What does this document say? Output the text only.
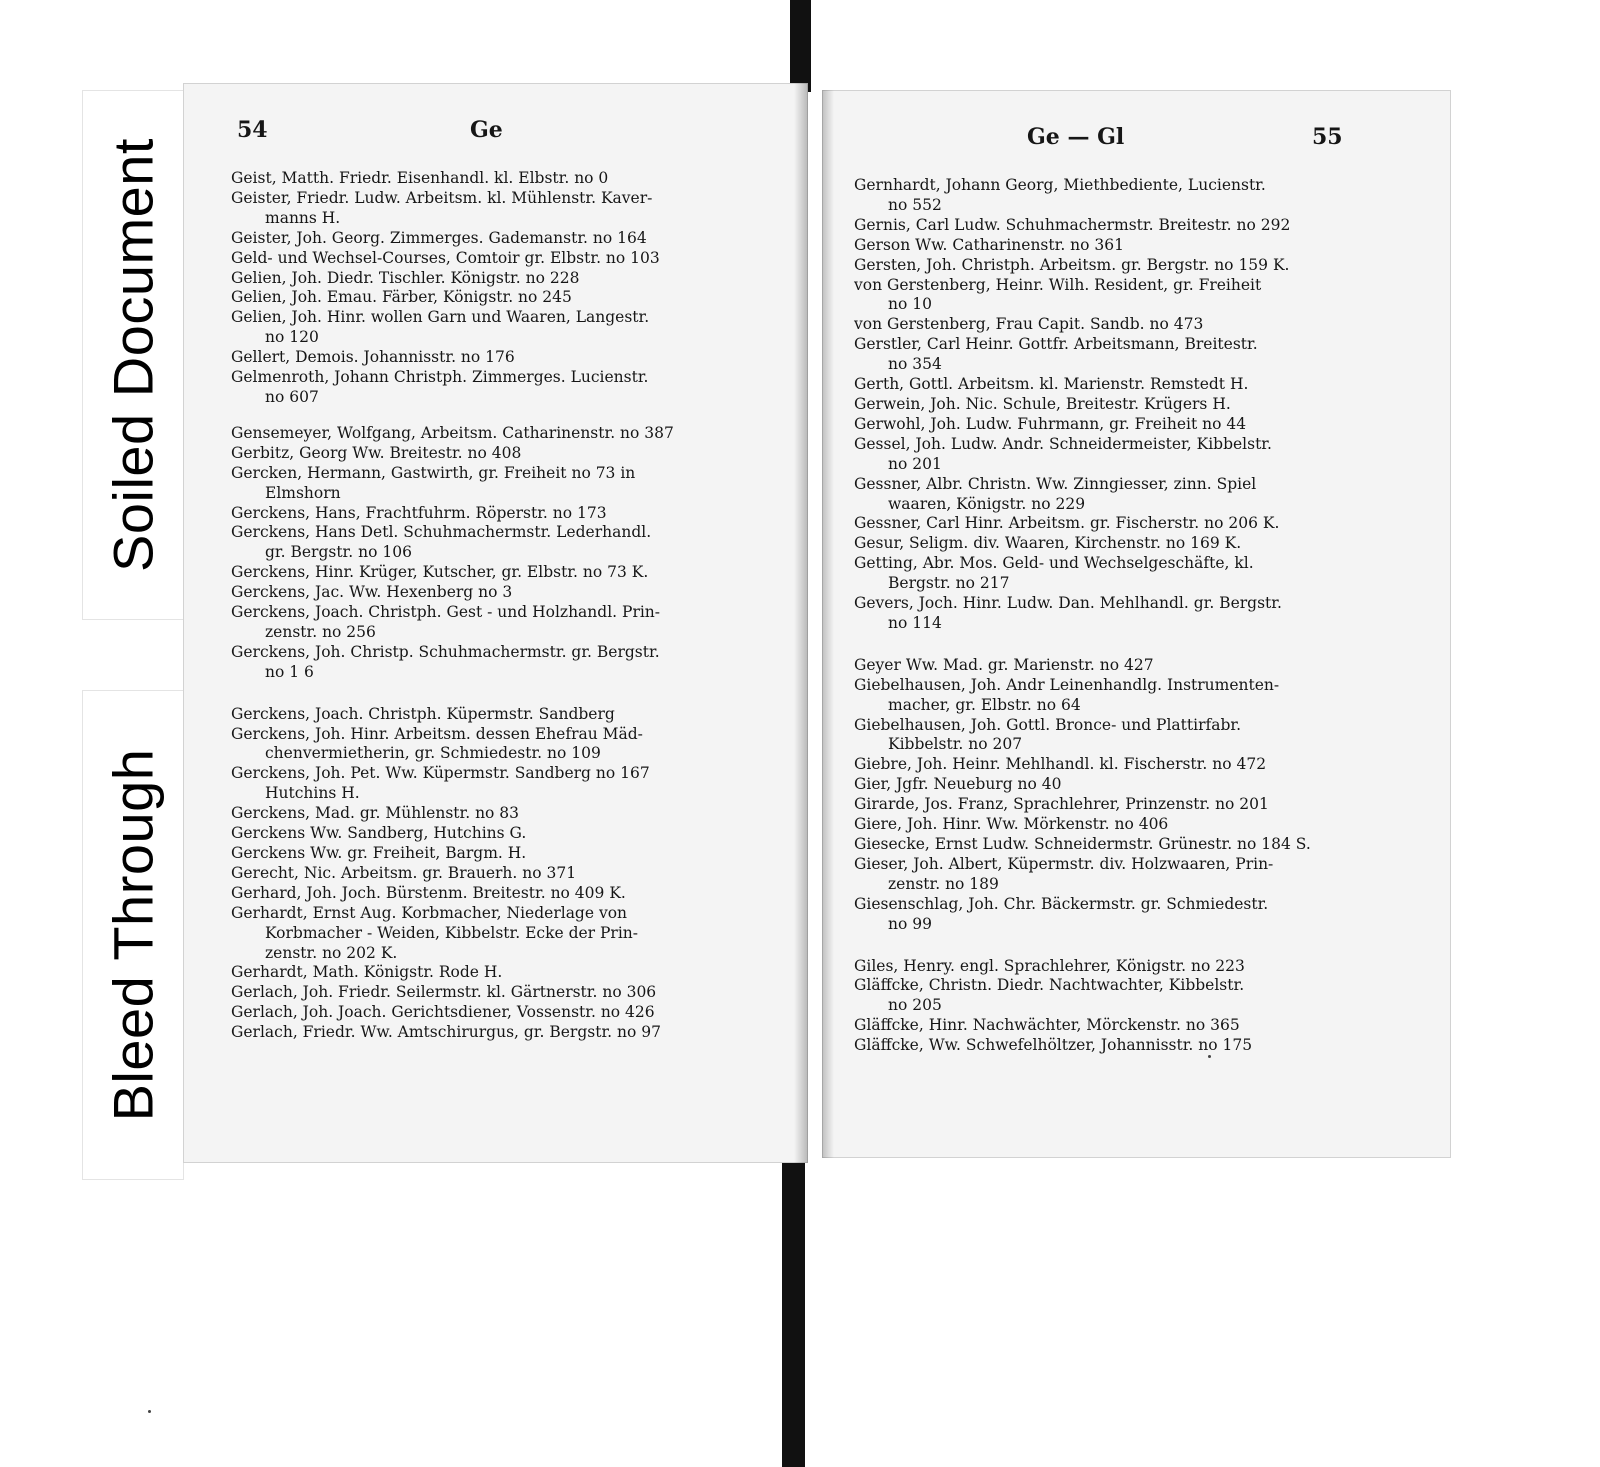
Soiled Document
Bleed Through
54	Ge
Geist, Matth. Friedr. Eisenhandl. kl. Elbstr. no 0
Geister, Friedr. Ludw. Arbeitsm. kl. Mühlenstr. Kaver-
manns H.
Geister, Joh. Georg. Zimmerges. Gademanstr. no 164
Geld- und Wechsel-Courses, Comtoir gr. Elbstr. no 103
Gelien, Joh. Diedr. Tischler. Königstr. no 228
Gelien, Joh. Emau. Färber, Königstr. no 245
Gelien, Joh. Hinr. wollen Garn und Waaren, Langestr.
no 120
Gellert, Demois. Johannisstr. no 176
Gelmenroth, Johann Christph. Zimmerges. Lucienstr.
no 607
Gensemeyer, Wolfgang, Arbeitsm. Catharinenstr. no 387
Gerbitz, Georg Ww. Breitestr. no 408
Gercken, Hermann, Gastwirth, gr. Freiheit no 73 in
Elmshorn
Gerckens, Hans, Frachtfuhrm. Röperstr. no 173
Gerckens, Hans Detl. Schuhmachermstr. Lederhandl.
gr. Bergstr. no 106
Gerckens, Hinr. Krüger, Kutscher, gr. Elbstr. no 73 K.
Gerckens, Jac. Ww. Hexenberg no 3
Gerckens, Joach. Christph. Gest - und Holzhandl. Prin-
zenstr. no 256
Gerckens, Joh. Christp. Schuhmachermstr. gr. Bergstr.
no 1 6
Gerckens, Joach. Christph. Küpermstr. Sandberg
Gerckens, Joh. Hinr. Arbeitsm. dessen Ehefrau Mäd-
chenvermietherin, gr. Schmiedestr. no 109
Gerckens, Joh. Pet. Ww. Küpermstr. Sandberg no 167
Hutchins H.
Gerckens, Mad. gr. Mühlenstr. no 83
Gerckens Ww. Sandberg, Hutchins G.
Gerckens Ww. gr. Freiheit, Bargm. H.
Gerecht, Nic. Arbeitsm. gr. Brauerh. no 371
Gerhard, Joh. Joch. Bürstenm. Breitestr. no 409 K.
Gerhardt, Ernst Aug. Korbmacher, Niederlage von
Korbmacher - Weiden, Kibbelstr. Ecke der Prin-
zenstr. no 202 K.
Gerhardt, Math. Königstr. Rode H.
Gerlach, Joh. Friedr. Seilermstr. kl. Gärtnerstr. no 306
Gerlach, Joh. Joach. Gerichtsdiener, Vossenstr. no 426
Gerlach, Friedr. Ww. Amtschirurgus, gr. Bergstr. no 97
Ge — Gl	55
Gernhardt, Johann Georg, Miethbediente, Lucienstr.
no 552
Gernis, Carl Ludw. Schuhmachermstr. Breitestr. no 292
Gerson Ww. Catharinenstr. no 361
Gersten, Joh. Christph. Arbeitsm. gr. Bergstr. no 159 K.
von Gerstenberg, Heinr. Wilh. Resident, gr. Freiheit
no 10
von Gerstenberg, Frau Capit. Sandb. no 473
Gerstler, Carl Heinr. Gottfr. Arbeitsmann, Breitestr.
no 354
Gerth, Gottl. Arbeitsm. kl. Marienstr. Remstedt H.
Gerwein, Joh. Nic. Schule, Breitestr. Krügers H.
Gerwohl, Joh. Ludw. Fuhrmann, gr. Freiheit no 44
Gessel, Joh. Ludw. Andr. Schneidermeister, Kibbelstr.
no 201
Gessner, Albr. Christn. Ww. Zinngiesser, zinn. Spiel
waaren, Königstr. no 229
Gessner, Carl Hinr. Arbeitsm. gr. Fischerstr. no 206 K.
Gesur, Seligm. div. Waaren, Kirchenstr. no 169 K.
Getting, Abr. Mos. Geld- und Wechselgeschäfte, kl.
Bergstr. no 217
Gevers, Joch. Hinr. Ludw. Dan. Mehlhandl. gr. Bergstr.
no 114
Geyer Ww. Mad. gr. Marienstr. no 427
Giebelhausen, Joh. Andr Leinenhandlg. Instrumenten-
macher, gr. Elbstr. no 64
Giebelhausen, Joh. Gottl. Bronce- und Plattirfabr.
Kibbelstr. no 207
Giebre, Joh. Heinr. Mehlhandl. kl. Fischerstr. no 472
Gier, Jgfr. Neueburg no 40
Girarde, Jos. Franz, Sprachlehrer, Prinzenstr. no 201
Giere, Joh. Hinr. Ww. Mörkenstr. no 406
Giesecke, Ernst Ludw. Schneidermstr. Grünestr. no 184 S.
Gieser, Joh. Albert, Küpermstr. div. Holzwaaren, Prin-
zenstr. no 189
Giesenschlag, Joh. Chr. Bäckermstr. gr. Schmiedestr.
no 99
Giles, Henry. engl. Sprachlehrer, Königstr. no 223
Gläffcke, Christn. Diedr. Nachtwachter, Kibbelstr.
no 205
Gläffcke, Hinr. Nachwächter, Mörckenstr. no 365
Gläffcke, Ww. Schwefelhöltzer, Johannisstr. no 175
